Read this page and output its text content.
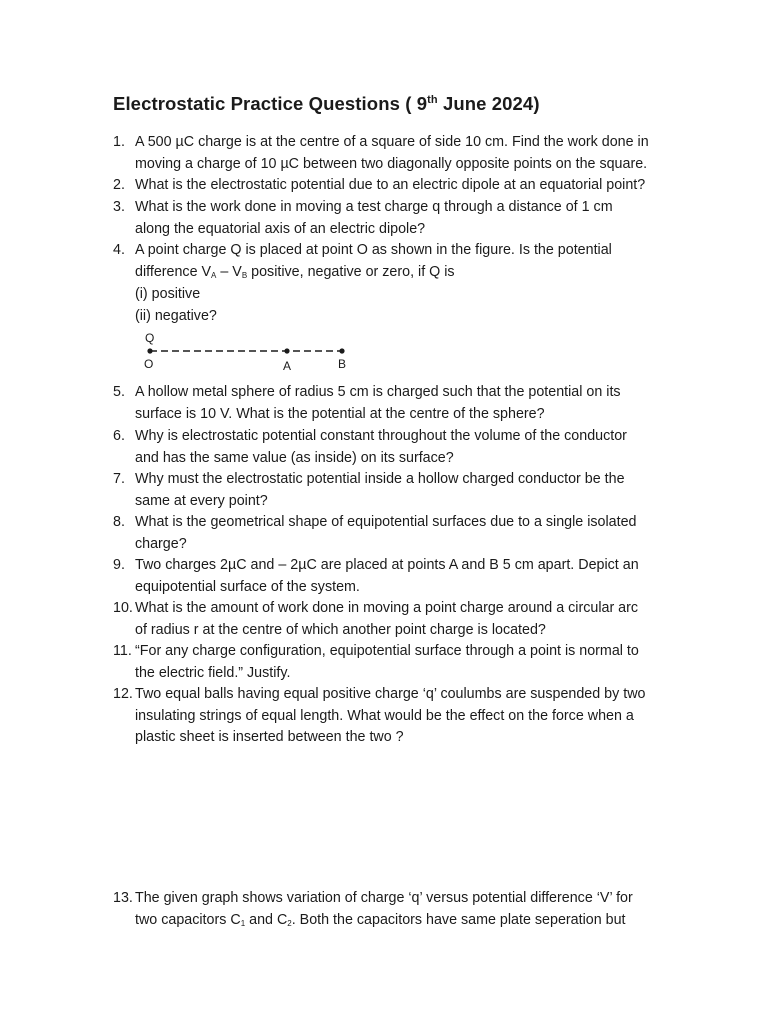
Electrostatic Practice Questions ( 9th June 2024)
1. A 500 µC charge is at the centre of a square of side 10 cm. Find the work done in
moving a charge of 10 µC between two diagonally opposite points on the square.
2. What is the electrostatic potential due to an electric dipole at an equatorial point?
3. What is the work done in moving a test charge q through a distance of 1 cm
along the equatorial axis of an electric dipole?
4. A point charge Q is placed at point O as shown in the figure. Is the potential
difference $V_A - V_B$ positive, negative or zero, if Q is
(i) positive
(ii) negative?
Q
O	A	B
5. A hollow metal sphere of radius 5 cm is charged such that the potential on its
surface is 10 V. What is the potential at the centre of the sphere?
6. Why is electrostatic potential constant throughout the volume of the conductor
and has the same value (as inside) on its surface?
7. Why must the electrostatic potential inside a hollow charged conductor be the
same at every point?
8. What is the geometrical shape of equipotential surfaces due to a single isolated
charge?
9. Two charges 2µC and – 2µC are placed at points A and B 5 cm apart. Depict an
equipotential surface of the system.
10. What is the amount of work done in moving a point charge around a circular arc
of radius r at the centre of which another point charge is located?
11. “For any charge configuration, equipotential surface through a point is normal to
the electric field.” Justify.
12. Two equal balls having equal positive charge ‘q’ coulumbs are suspended by two
insulating strings of equal length. What would be the effect on the force when a
plastic sheet is inserted between the two ?
13. The given graph shows variation of charge ‘q’ versus potential difference ‘V’ for
two capacitors $C_1$ and $C_2$. Both the capacitors have same plate seperation but
